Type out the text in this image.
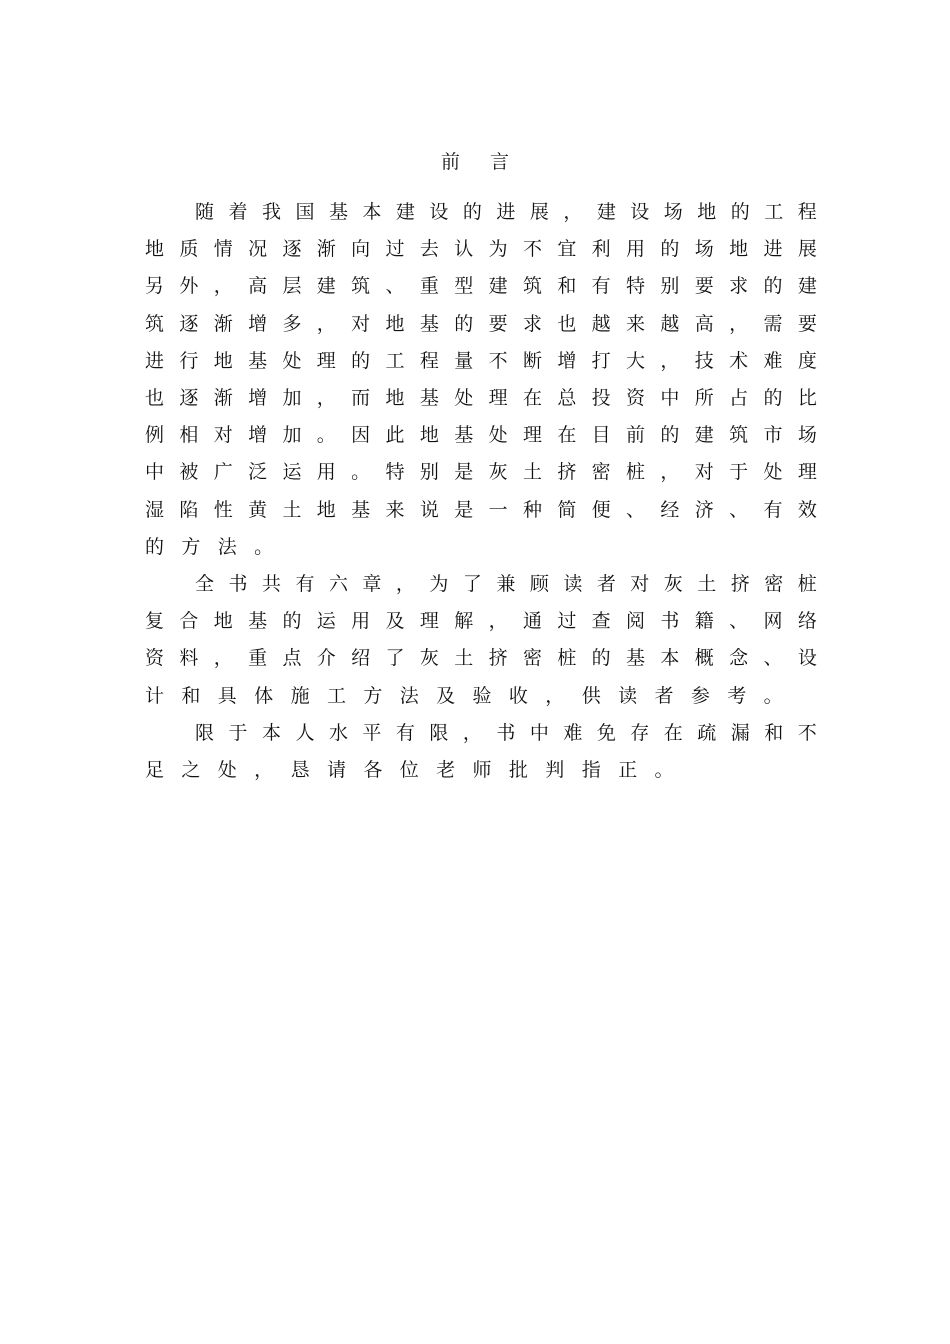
前 言
随 着 我 国 基 本 建 设 的 进 展 ， 建 设 场 地 的 工 程
地 质 情 况 逐 渐 向 过 去 认 为 不 宜 利 用 的 场 地 进 展
另 外 ， 高 层 建 筑 、 重 型 建 筑 和 有 特 别 要 求 的 建
筑 逐 渐 增 多 ， 对 地 基 的 要 求 也 越 来 越 高 ， 需 要
进 行 地 基 处 理 的 工 程 量 不 断 增 打 大 ， 技 术 难 度
也 逐 渐 增 加 ， 而 地 基 处 理 在 总 投 资 中 所 占 的 比
例 相 对 增 加 。 因 此 地 基 处 理 在 目 前 的 建 筑 市 场
中 被 广 泛 运 用 。 特 别 是 灰 土 挤 密 桩 ， 对 于 处 理
湿 陷 性 黄 土 地 基 来 说 是 一 种 简 便 、 经 济 、 有 效
的 方 法 。
全 书 共 有 六 章 ， 为 了 兼 顾 读 者 对 灰 土 挤 密 桩
复 合 地 基 的 运 用 及 理 解 ， 通 过 查 阅 书 籍 、 网 络
资 料 ， 重 点 介 绍 了 灰 土 挤 密 桩 的 基 本 概 念 、 设
计 和 具 体 施 工 方 法 及 验 收 ， 供 读 者 参 考 。
限 于 本 人 水 平 有 限 ， 书 中 难 免 存 在 疏 漏 和 不
足 之 处 ， 恳 请 各 位 老 师 批 判 指 正 。
